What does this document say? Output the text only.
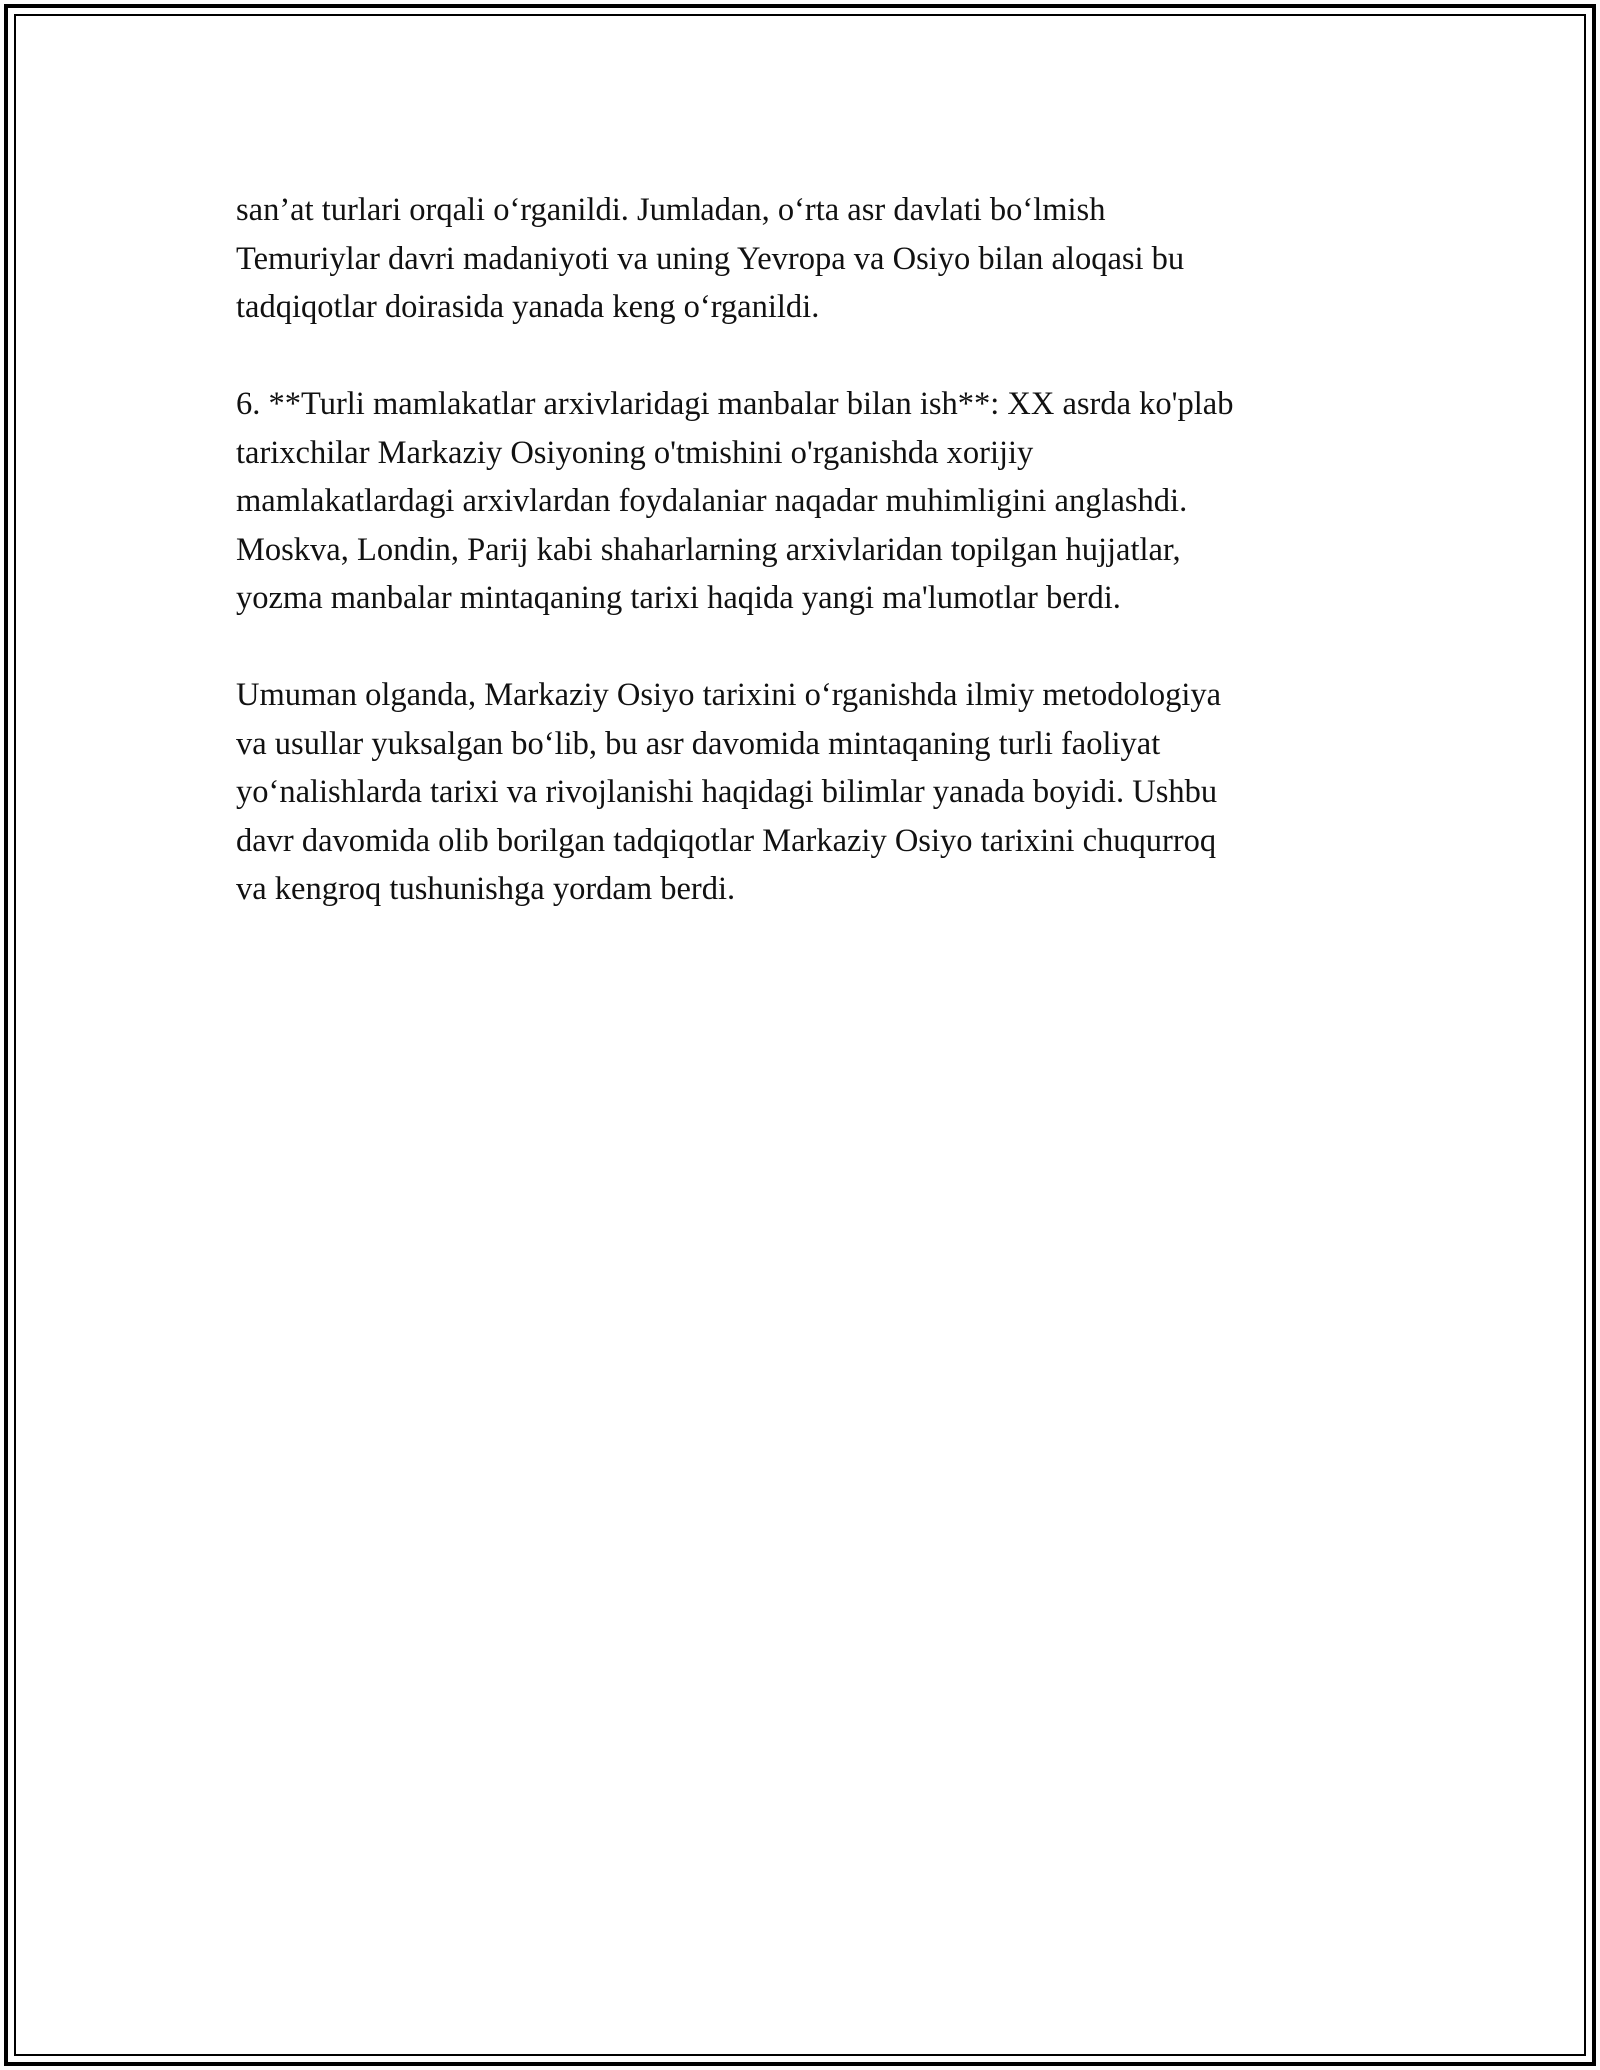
san’at turlari orqali o‘rganildi. Jumladan, o‘rta asr davlati bo‘lmish
Temuriylar davri madaniyoti va uning Yevropa va Osiyo bilan aloqasi bu
tadqiqotlar doirasida yanada keng o‘rganildi.

6. **Turli mamlakatlar arxivlaridagi manbalar bilan ish**: XX asrda ko'plab
tarixchilar Markaziy Osiyoning o'tmishini o'rganishda xorijiy
mamlakatlardagi arxivlardan foydalaniar naqadar muhimligini anglashdi.
Moskva, Londin, Parij kabi shaharlarning arxivlaridan topilgan hujjatlar,
yozma manbalar mintaqaning tarixi haqida yangi ma'lumotlar berdi.

Umuman olganda, Markaziy Osiyo tarixini o‘rganishda ilmiy metodologiya
va usullar yuksalgan bo‘lib, bu asr davomida mintaqaning turli faoliyat
yo‘nalishlarda tarixi va rivojlanishi haqidagi bilimlar yanada boyidi. Ushbu
davr davomida olib borilgan tadqiqotlar Markaziy Osiyo tarixini chuqurroq
va kengroq tushunishga yordam berdi.
